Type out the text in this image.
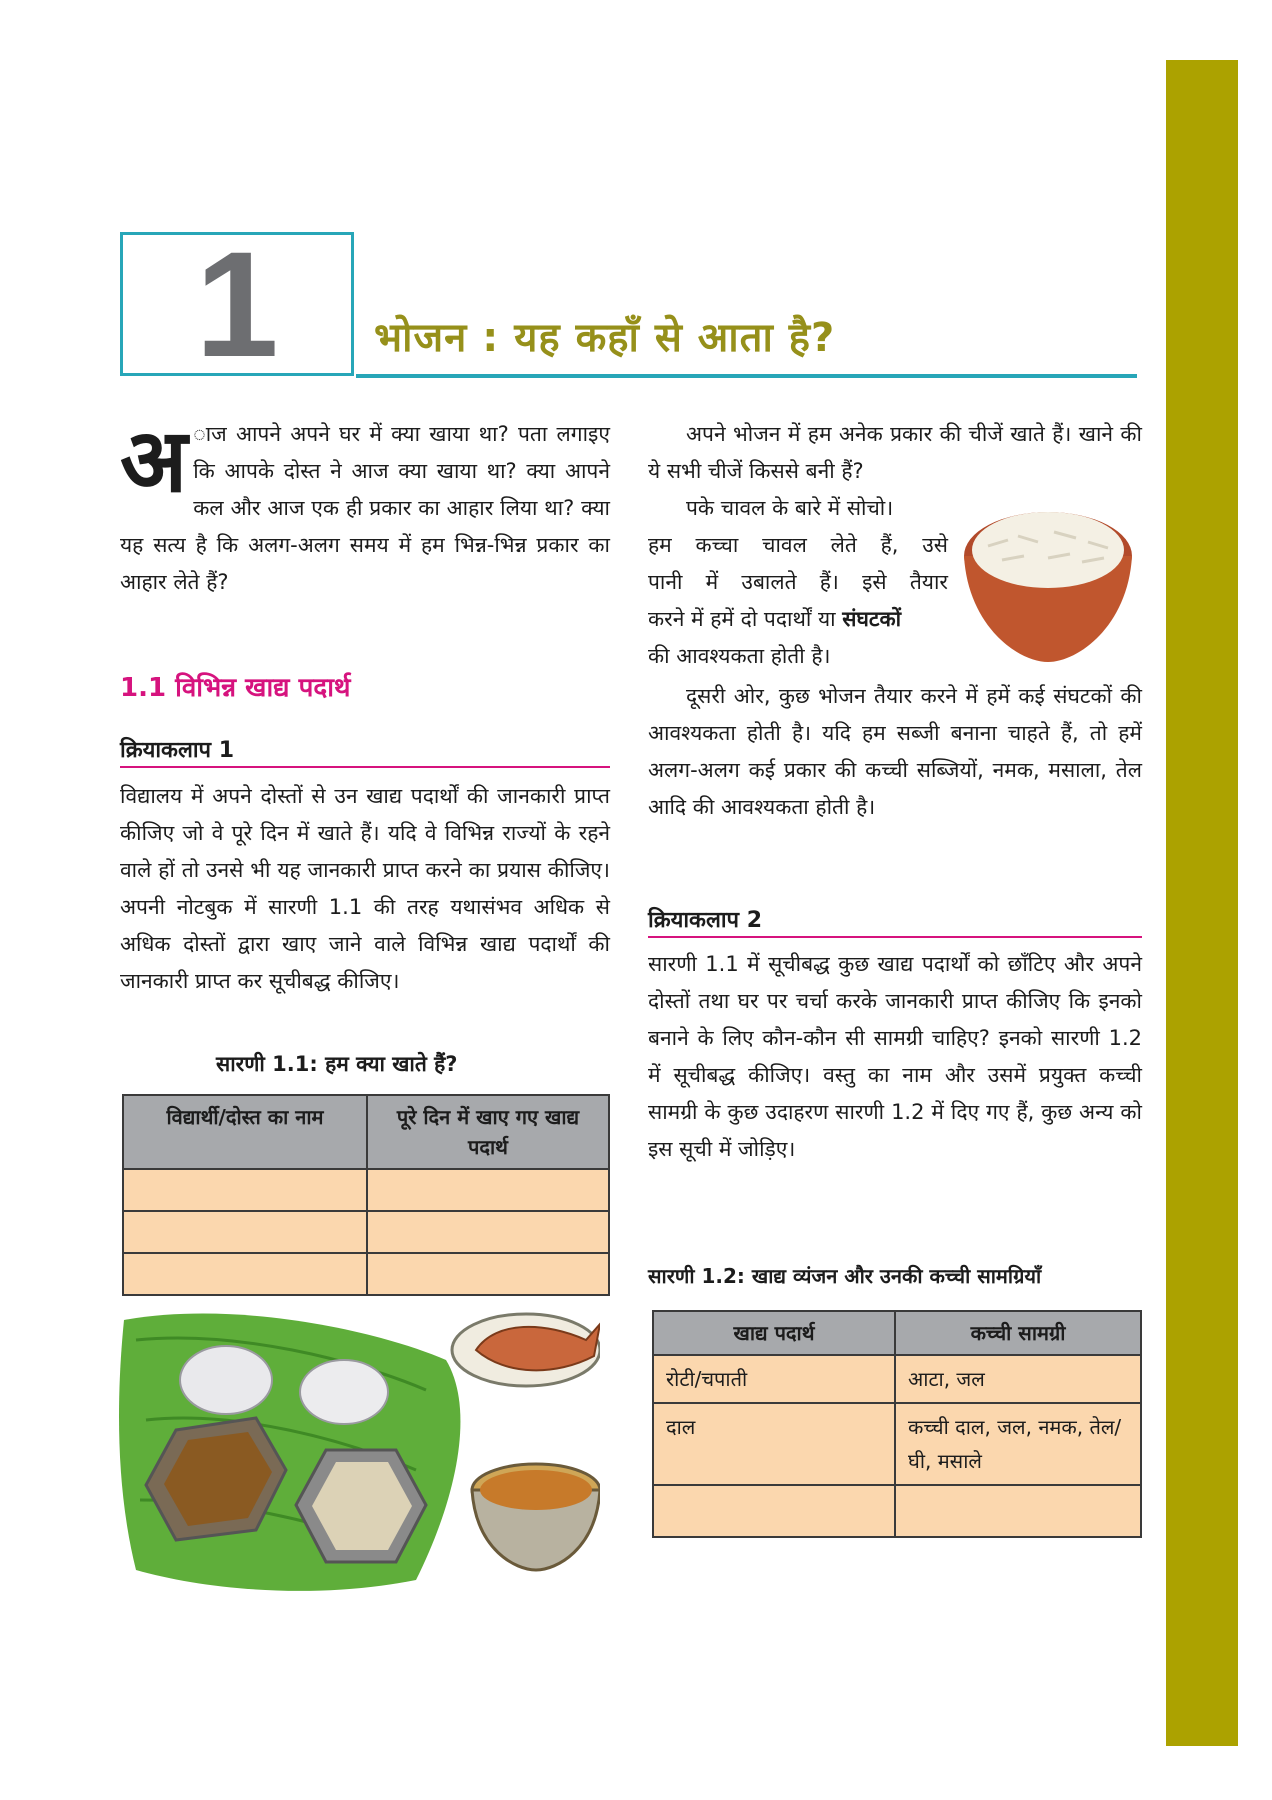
1	भोजन : यह कहाँ से आता है?

अ ाज आपने अपने घर में क्या खाया था? पता लगाइए कि आपके दोस्त ने आज क्या खाया था? क्या आपने कल और आज एक ही प्रकार का आहार लिया था? क्या यह सत्य है कि अलग-अलग समय में हम भिन्न-भिन्न प्रकार का आहार लेते हैं?

1.1 विभिन्न खाद्य पदार्थ
क्रियाकलाप 1

विद्यालय में अपने दोस्तों से उन खाद्य पदार्थों की जानकारी प्राप्त कीजिए जो वे पूरे दिन में खाते हैं। यदि वे विभिन्न राज्यों के रहने वाले हों तो उनसे भी यह जानकारी प्राप्त करने का प्रयास कीजिए। अपनी नोटबुक में सारणी 1.1 की तरह यथासंभव अधिक से अधिक दोस्तों द्वारा खाए जाने वाले विभिन्न खाद्य पदार्थों की जानकारी प्राप्त कर सूचीबद्ध कीजिए।

सारणी 1.1: हम क्या खाते हैं?
विद्यार्थी/दोस्त का नाम	पूरे दिन में खाए गए खाद्य पदार्थ

अपने भोजन में हम अनेक प्रकार की चीजें खाते हैं। खाने की ये सभी चीजें किससे बनी हैं?

पके चावल के बारे में सोचो।

हम कच्चा चावल लेते हैं, उसे

पानी में उबालते हैं। इसे तैयार

करने में हमें दो पदार्थों या संघटकों

की आवश्यकता होती है।

दूसरी ओर, कुछ भोजन तैयार करने में हमें कई संघटकों की आवश्यकता होती है। यदि हम सब्जी बनाना चाहते हैं, तो हमें अलग-अलग कई प्रकार की कच्ची सब्जियों, नमक, मसाला, तेल आदि की आवश्यकता होती है।

क्रियाकलाप 2

सारणी 1.1 में सूचीबद्ध कुछ खाद्य पदार्थों को छाँटिए और अपने दोस्तों तथा घर पर चर्चा करके जानकारी प्राप्त कीजिए कि इनको बनाने के लिए कौन-कौन सी सामग्री चाहिए? इनको सारणी 1.2 में सूचीबद्ध कीजिए। वस्तु का नाम और उसमें प्रयुक्त कच्ची सामग्री के कुछ उदाहरण सारणी 1.2 में दिए गए हैं, कुछ अन्य को इस सूची में जोड़िए।

सारणी 1.2: खाद्य व्यंजन और उनकी कच्ची सामग्रियाँ
खाद्य पदार्थ	कच्ची सामग्री
रोटी/चपाती	आटा, जल
दाल	कच्ची दाल, जल, नमक, तेल/घी, मसाले
